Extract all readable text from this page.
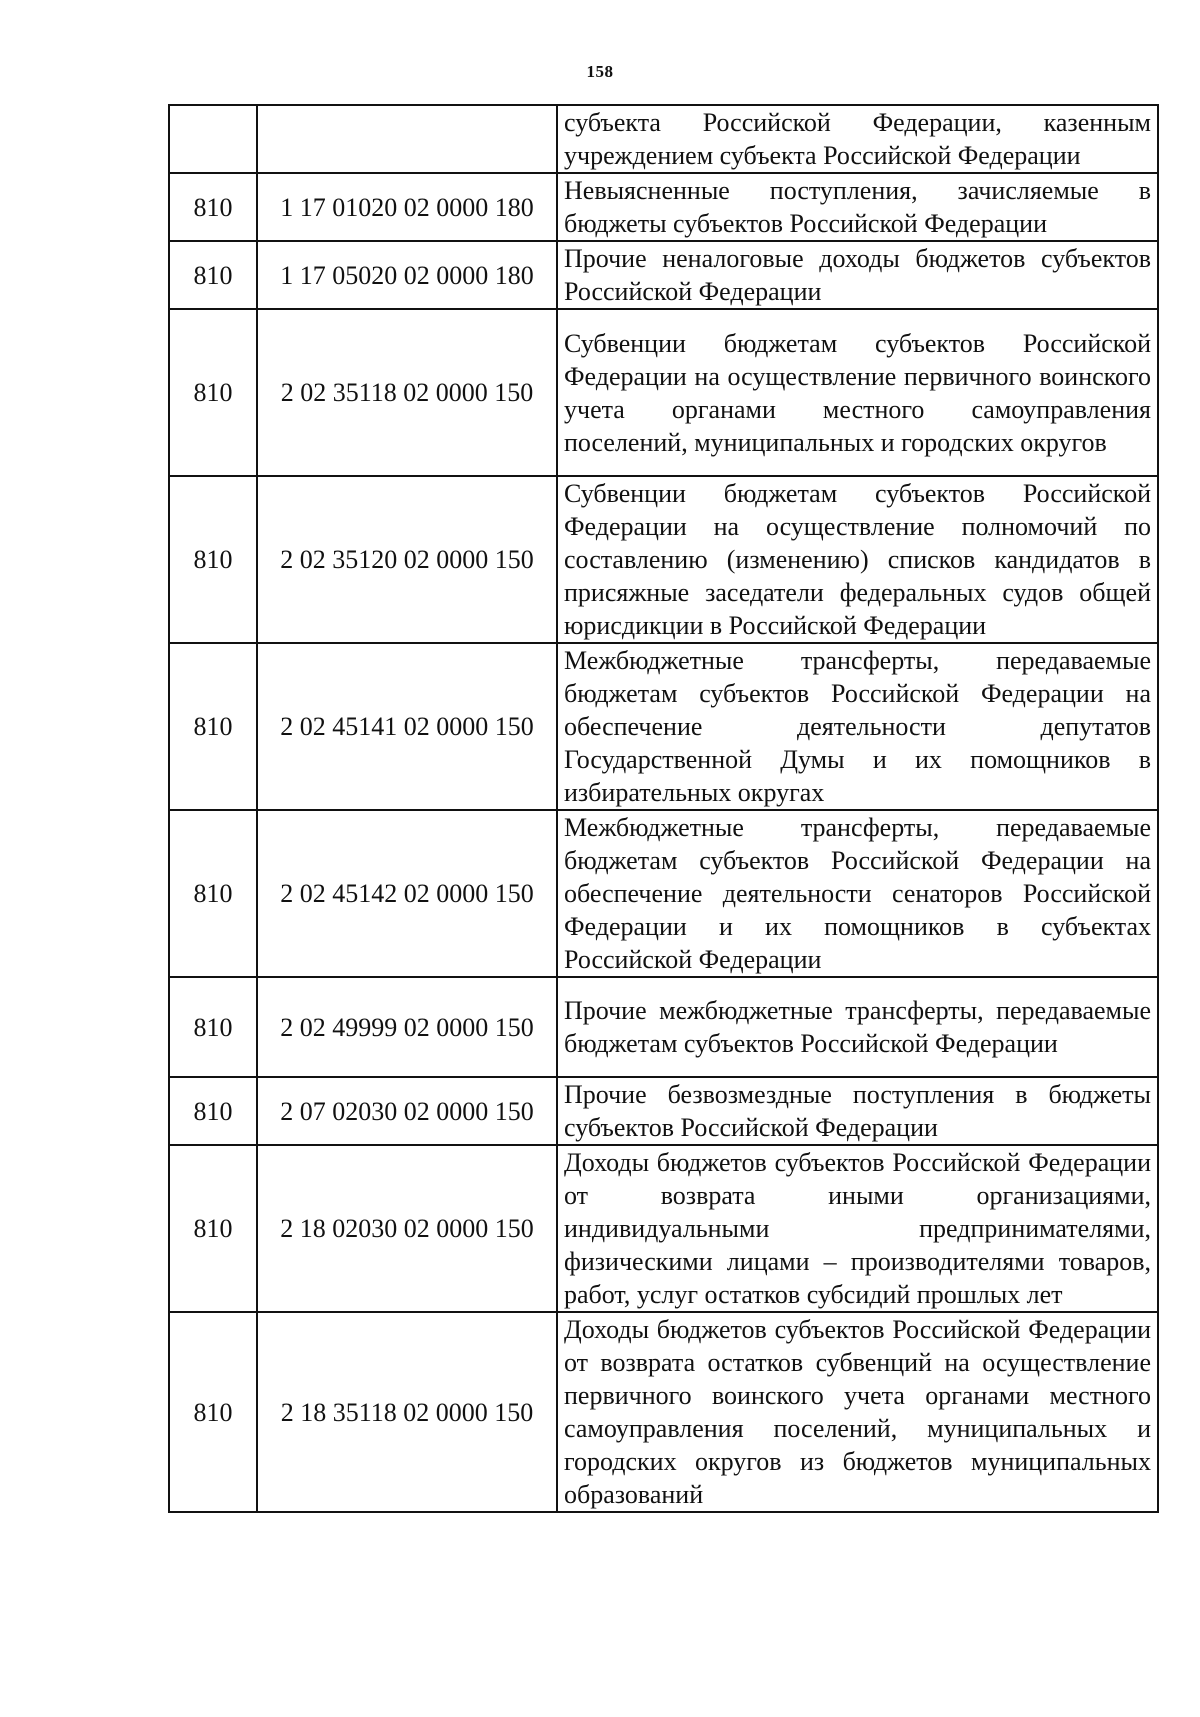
158
		субъекта Российской Федерации, казенным учреждением субъекта Российской Федерации
810	1 17 01020 02 0000 180	Невыясненные поступления, зачисляемые в бюджеты субъектов Российской Федерации
810	1 17 05020 02 0000 180	Прочие неналоговые доходы бюджетов субъектов Российской Федерации
810	2 02 35118 02 0000 150	Субвенции бюджетам субъектов Российской Федерации на осуществление первичного воинского учета органами местного самоуправления поселений, муниципальных и городских округов
810	2 02 35120 02 0000 150	Субвенции бюджетам субъектов Российской Федерации на осуществление полномочий по составлению (изменению) списков кандидатов в присяжные заседатели федеральных судов общей юрисдикции в Российской Федерации
810	2 02 45141 02 0000 150	Межбюджетные трансферты, передаваемые бюджетам субъектов Российской Федерации на обеспечение деятельности депутатов Государственной Думы и их помощников в избирательных округах
810	2 02 45142 02 0000 150	Межбюджетные трансферты, передаваемые бюджетам субъектов Российской Федерации на обеспечение деятельности сенаторов Российской Федерации и их помощников в субъектах Российской Федерации
810	2 02 49999 02 0000 150	Прочие межбюджетные трансферты, передаваемые бюджетам субъектов Российской Федерации
810	2 07 02030 02 0000 150	Прочие безвозмездные поступления в бюджеты субъектов Российской Федерации
810	2 18 02030 02 0000 150	Доходы бюджетов субъектов Российской Федерации от возврата иными организациями, индивидуальными предпринимателями, физическими лицами – производителями товаров, работ, услуг остатков субсидий прошлых лет
810	2 18 35118 02 0000 150	Доходы бюджетов субъектов Российской Федерации от возврата остатков субвенций на осуществление первичного воинского учета органами местного самоуправления поселений, муниципальных и городских округов из бюджетов муниципальных образований
